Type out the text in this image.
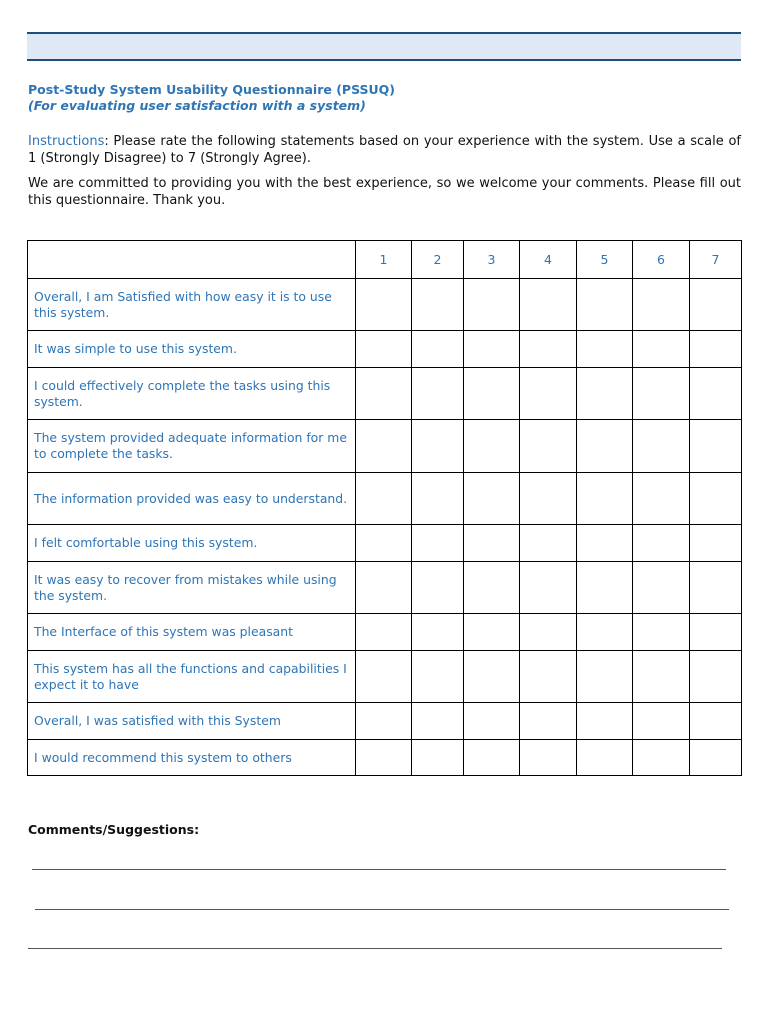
Post-Study System Usability Questionnaire (PSSUQ)
(For evaluating user satisfaction with a system)
Instructions: Please rate the following statements based on your experience with the system. Use a scale of 1 (Strongly Disagree) to 7 (Strongly Agree).
We are committed to providing you with the best experience, so we welcome your comments. Please fill out this questionnaire. Thank you.
	1	2	3	4	5	6	7
Overall, I am Satisfied with how easy it is to use this system.							
It was simple to use this system.							
I could effectively complete the tasks using this system.							
The system provided adequate information for me to complete the tasks.							
The information provided was easy to understand.							
I felt comfortable using this system.							
It was easy to recover from mistakes while using the system.							
The Interface of this system was pleasant							
This system has all the functions and capabilities I expect it to have							
Overall, I was satisfied with this System							
I would recommend this system to others							
Comments/Suggestions:
